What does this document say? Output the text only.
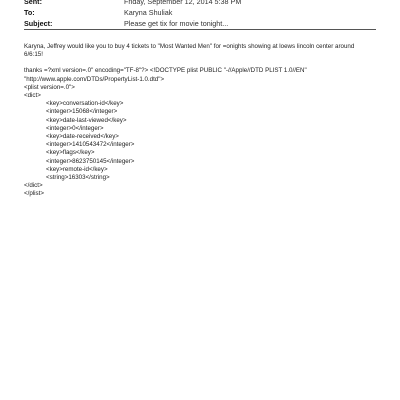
Sent:	Friday, September 12, 2014 5:38 PM
To:	Karyna Shuliak
Subject:	Please get tix for movie tonight...

Karyna, Jeffrey would like you to buy 4 tickets to "Most Wanted Men" for =onights showing at loews lincoln center around 6/6:15!

thanks =?xml version=.0" encoding="TF-8"?> <!DOCTYPE plist PUBLIC "-//Apple//DTD PLIST 1.0//EN"
"http://www.apple.com/DTDs/PropertyList-1.0.dtd">
<plist version=.0">
<dict>
<key>conversation-id</key>
<integer>15068</integer>
<key>date-last-viewed</key>
<integer>0</integer>
<key>date-received</key>
<integer>1410543472</integer>
<key>flags</key>
<integer>8623750145</integer>
<key>remote-id</key>
<string>16303</string>
</dict>
</plist>
